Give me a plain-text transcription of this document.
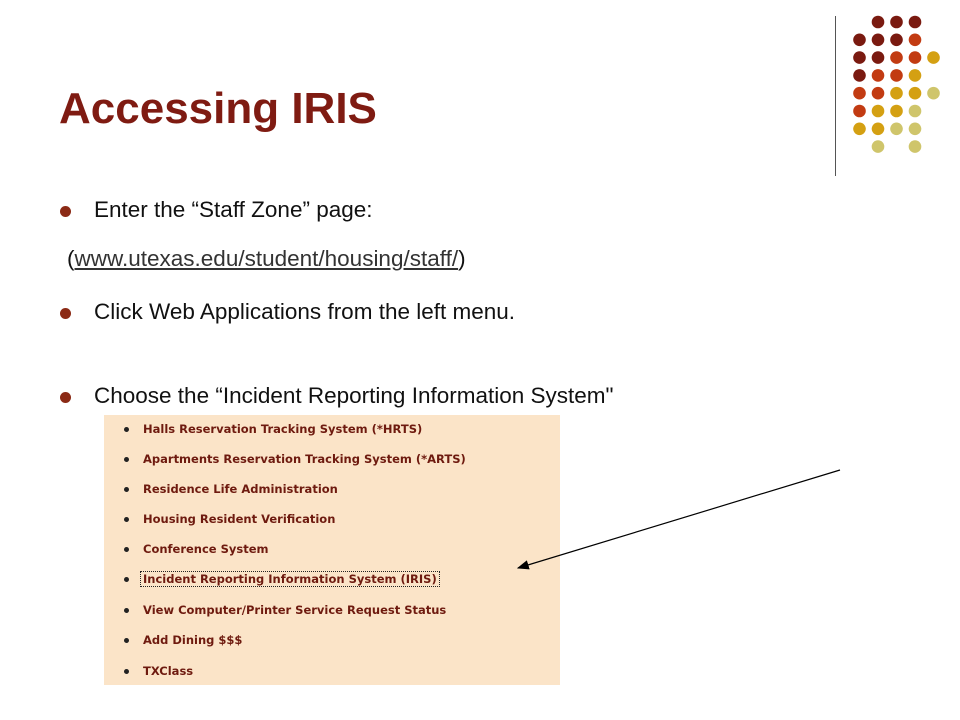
Accessing IRIS
Enter the “Staff Zone” page:
(www.utexas.edu/student/housing/staff/)
Click Web Applications from the left menu.
Choose the “Incident Reporting Information System"
Halls Reservation Tracking System (*HRTS)
Apartments Reservation Tracking System (*ARTS)
Residence Life Administration
Housing Resident Verification
Conference System
Incident Reporting Information System (IRIS)
View Computer/Printer Service Request Status
Add Dining $$$
TXClass
